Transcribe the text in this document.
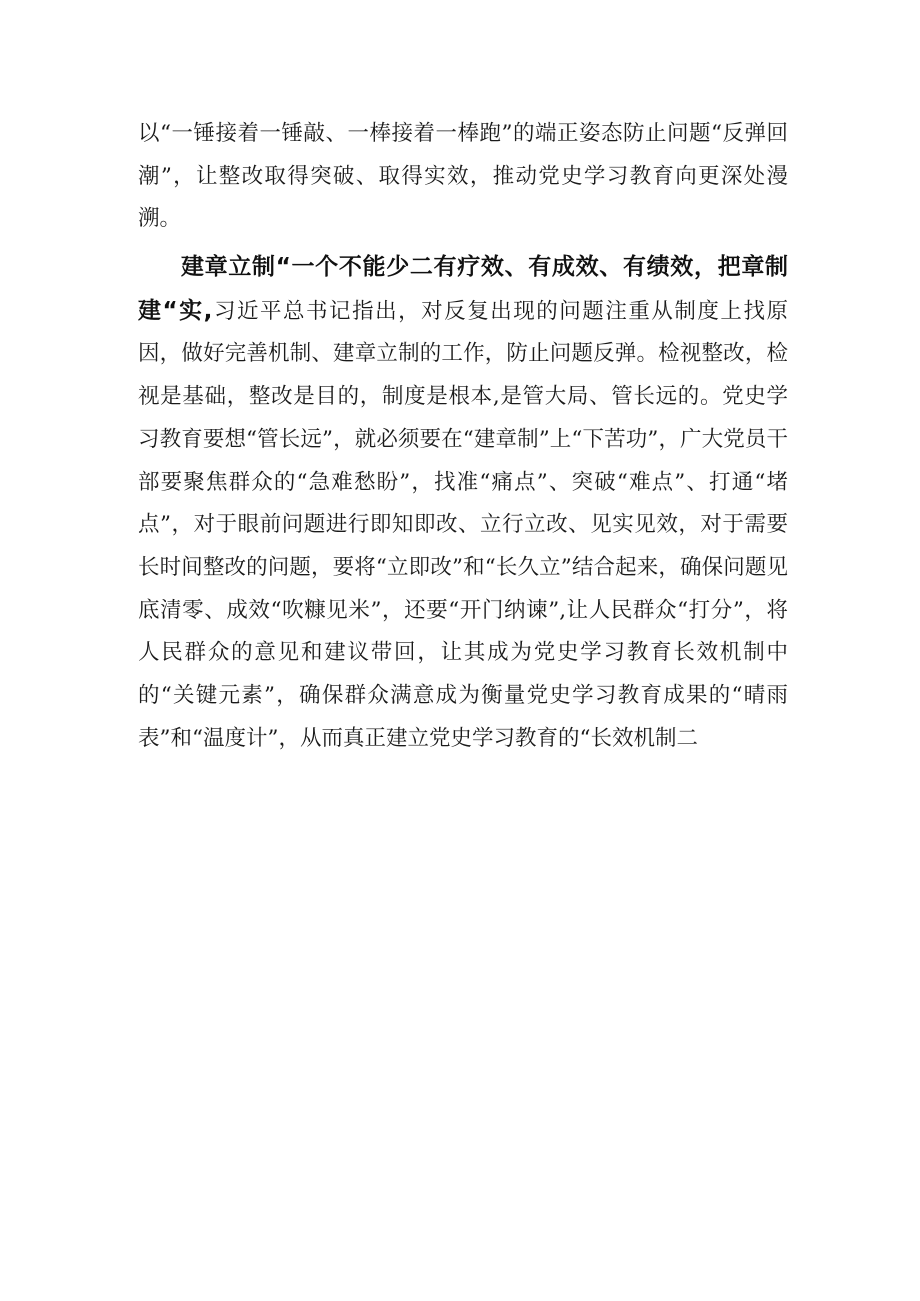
以“一锤接着一锤敲、一棒接着一棒跑”的端正姿态防止问题“反弹回潮”，让整改取得突破、取得实效，推动党史学习教育向更深处漫溯。

建章立制“一个不能少二有疗效、有成效、有绩效，把章制建“实,习近平总书记指出，对反复出现的问题注重从制度上找原因，做好完善机制、建章立制的工作，防止问题反弹。检视整改，检视是基础，整改是目的，制度是根本,是管大局、管长远的。党史学习教育要想“管长远”，就必须要在“建章制”上“下苦功”，广大党员干部要聚焦群众的“急难愁盼”，找准“痛点”、突破“难点”、打通“堵点”，对于眼前问题进行即知即改、立行立改、见实见效，对于需要长时间整改的问题，要将“立即改”和“长久立”结合起来，确保问题见底清零、成效“吹糠见米”，还要“开门纳谏”,让人民群众“打分”，将人民群众的意见和建议带回，让其成为党史学习教育长效机制中的“关键元素”，确保群众满意成为衡量党史学习教育成果的“晴雨表”和“温度计”，从而真正建立党史学习教育的“长效机制二
